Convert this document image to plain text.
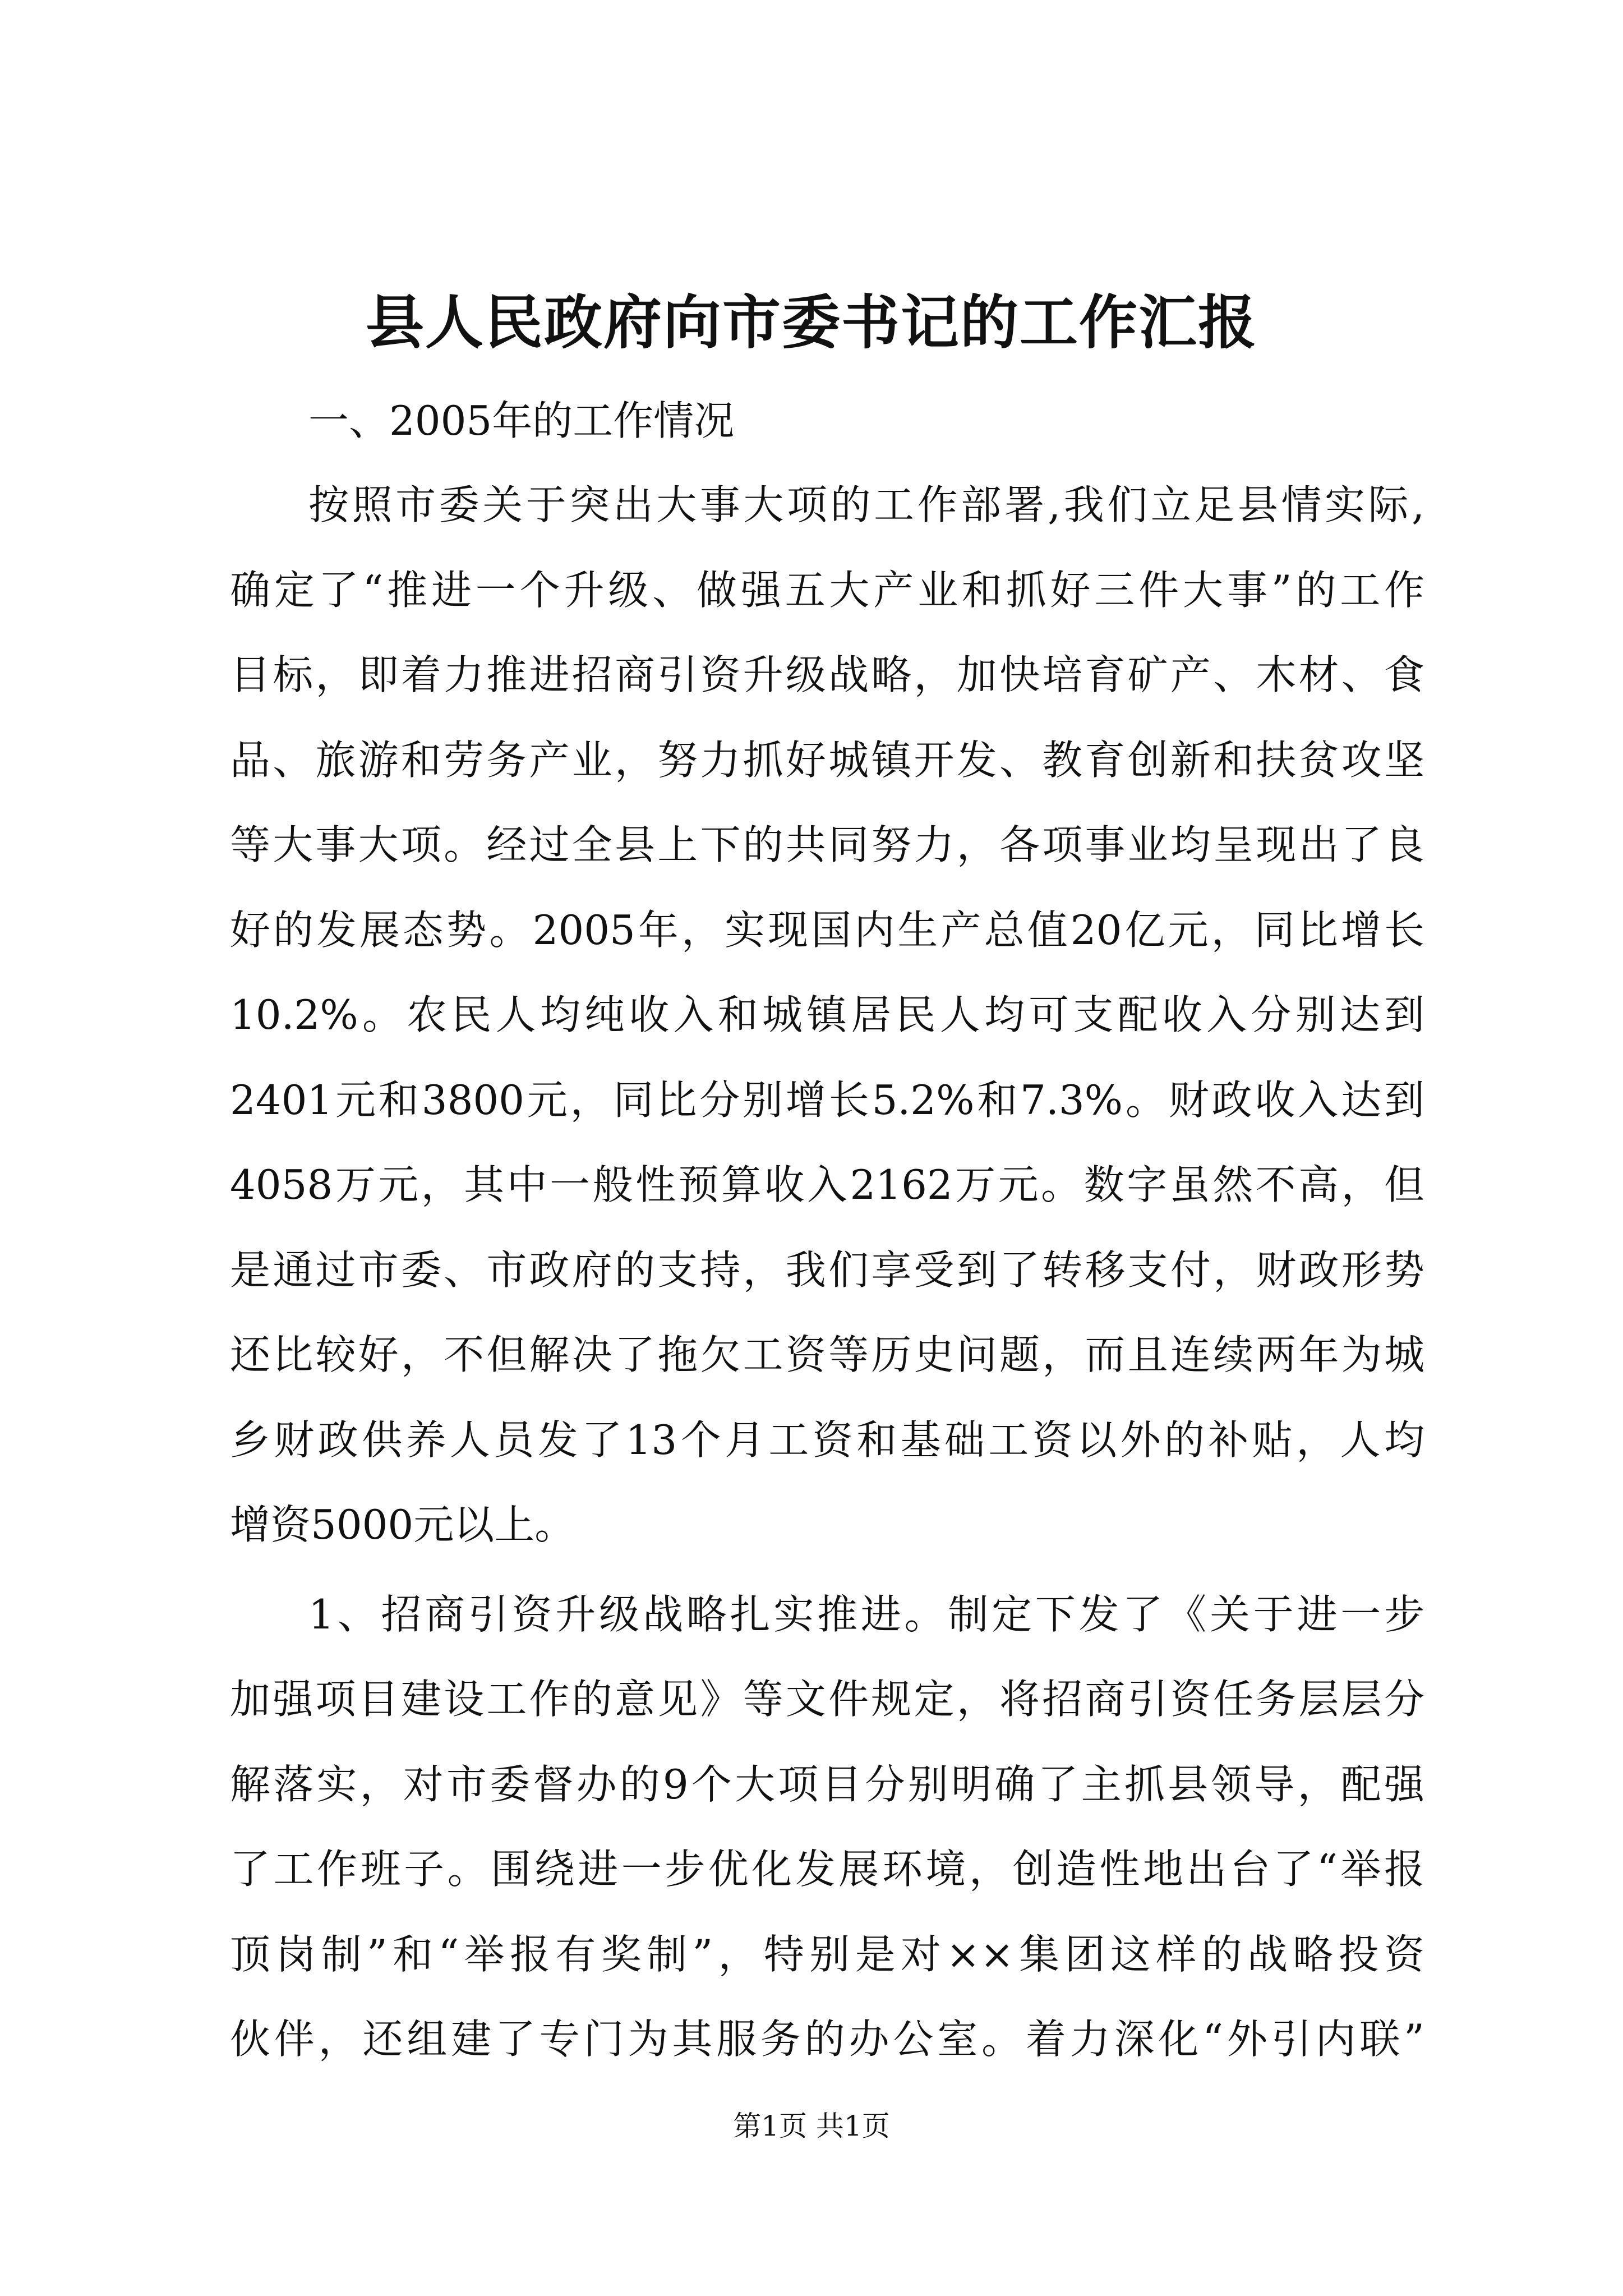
县人民政府向市委书记的工作汇报
一、2005年的工作情况
按照市委关于突出大事大项的工作部署,我们立足县情实际,
确定了“推进一个升级、做强五大产业和抓好三件大事”的工作
目标，即着力推进招商引资升级战略，加快培育矿产、木材、食
品、旅游和劳务产业，努力抓好城镇开发、教育创新和扶贫攻坚
等大事大项。经过全县上下的共同努力，各项事业均呈现出了良
好的发展态势。2005年，实现国内生产总值20亿元，同比增长
10.2%。农民人均纯收入和城镇居民人均可支配收入分别达到
2401元和3800元，同比分别增长5.2%和7.3%。财政收入达到
4058万元，其中一般性预算收入2162万元。数字虽然不高，但
是通过市委、市政府的支持，我们享受到了转移支付，财政形势
还比较好，不但解决了拖欠工资等历史问题，而且连续两年为城
乡财政供养人员发了13个月工资和基础工资以外的补贴，人均
增资5000元以上。
1、招商引资升级战略扎实推进。制定下发了《关于进一步
加强项目建设工作的意见》等文件规定，将招商引资任务层层分
解落实，对市委督办的9个大项目分别明确了主抓县领导，配强
了工作班子。围绕进一步优化发展环境，创造性地出台了“举报
顶岗制”和“举报有奖制”，特别是对××集团这样的战略投资
伙伴，还组建了专门为其服务的办公室。着力深化“外引内联”
第1页 共1页
